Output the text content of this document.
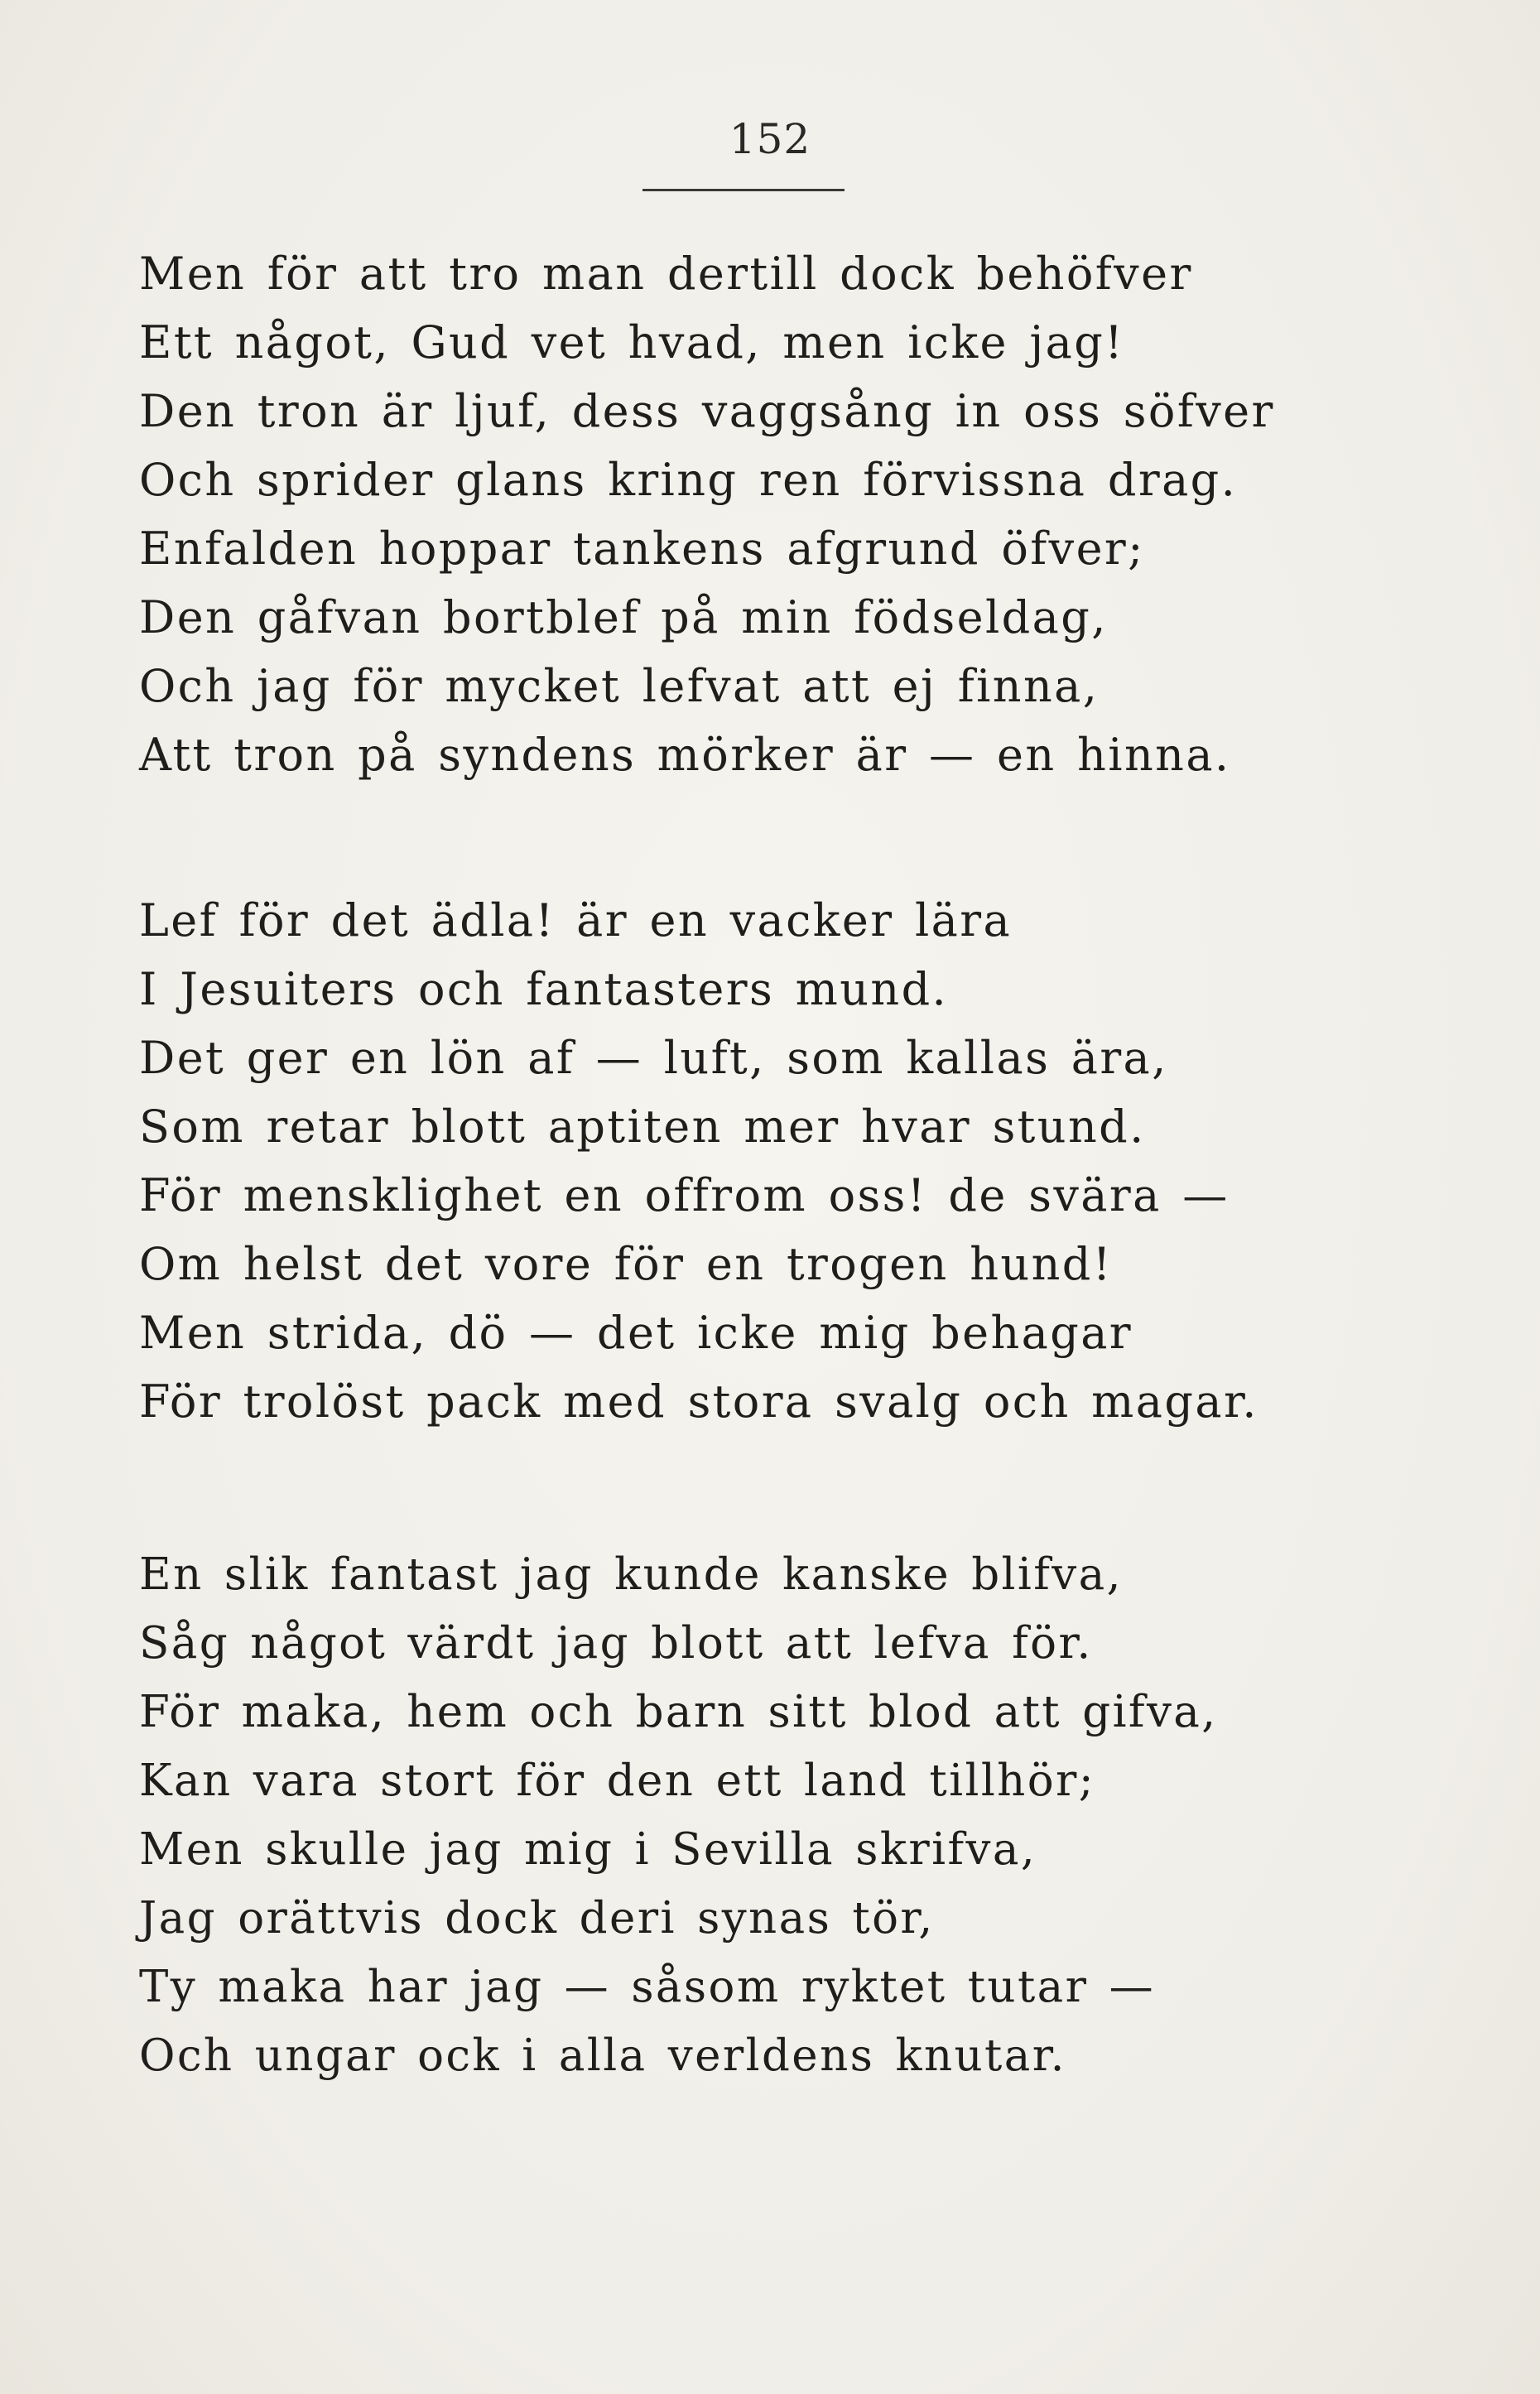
152
Men för att tro man dertill dock behöfver
Ett något, Gud vet hvad, men icke jag!
Den tron är ljuf, dess vaggsång in oss söfver
Och sprider glans kring ren förvissna drag.
Enfalden hoppar tankens afgrund öfver;
Den gåfvan bortblef på min födseldag,
Och jag för mycket lefvat att ej finna,
Att tron på syndens mörker är — en hinna.
Lef för det ädla! är en vacker lära
I Jesuiters och fantasters mund.
Det ger en lön af — luft, som kallas ära,
Som retar blott aptiten mer hvar stund.
För mensklighet en offrom oss! de svära —
Om helst det vore för en trogen hund!
Men strida, dö — det icke mig behagar
För trolöst pack med stora svalg och magar.
En slik fantast jag kunde kanske blifva,
Såg något värdt jag blott att lefva för.
För maka, hem och barn sitt blod att gifva,
Kan vara stort för den ett land tillhör;
Men skulle jag mig i Sevilla skrifva,
Jag orättvis dock deri synas tör,
Ty maka har jag — såsom ryktet tutar —
Och ungar ock i alla verldens knutar.
